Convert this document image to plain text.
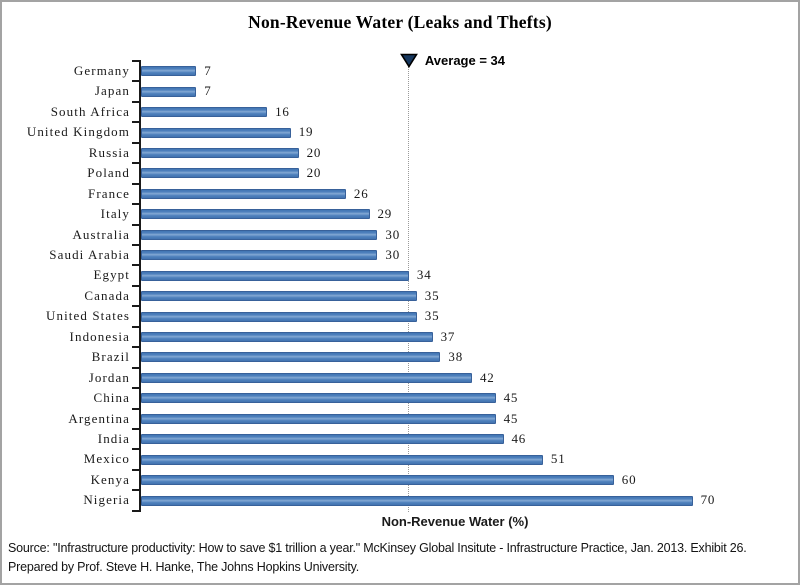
Non-Revenue Water (Leaks and Thefts)
Average = 34
Germany	7
Japan	7
South Africa	16
United Kingdom	19
Russia	20
Poland	20
France	26
Italy	29
Australia	30
Saudi Arabia	30
Egypt	34
Canada	35
United States	35
Indonesia	37
Brazil	38
Jordan	42
China	45
Argentina	45
India	46
Mexico	51
Kenya	60
Nigeria	70
Non-Revenue Water (%)
Source: "Infrastructure productivity: How to save $1 trillion a year." McKinsey Global Insitute - Infrastructure Practice, Jan. 2013. Exhibit 26.
Prepared by Prof. Steve H. Hanke, The Johns Hopkins University.
